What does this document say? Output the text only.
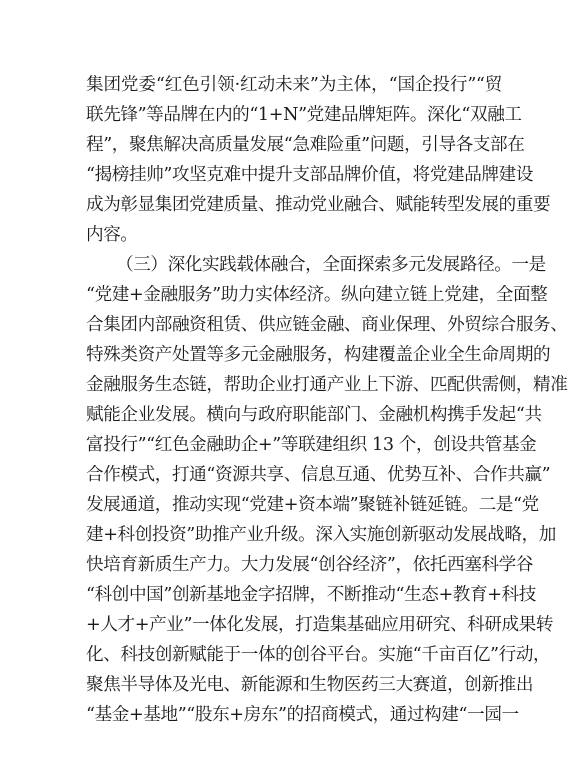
集团党委“红色引领·红动未来”为主体，“国企投行”“贸
联先锋”等品牌在内的“1+N”党建品牌矩阵。深化“双融工
程”，聚焦解决高质量发展“急难险重”问题，引导各支部在
“揭榜挂帅”攻坚克难中提升支部品牌价值，将党建品牌建设
成为彰显集团党建质量、推动党业融合、赋能转型发展的重要
内容。
（三）深化实践载体融合，全面探索多元发展路径。一是
“党建+金融服务”助力实体经济。纵向建立链上党建，全面整
合集团内部融资租赁、供应链金融、商业保理、外贸综合服务、
特殊类资产处置等多元金融服务，构建覆盖企业全生命周期的
金融服务生态链，帮助企业打通产业上下游、匹配供需侧，精准
赋能企业发展。横向与政府职能部门、金融机构携手发起“共
富投行”“红色金融助企+”等联建组织 13 个，创设共管基金
合作模式，打通“资源共享、信息互通、优势互补、合作共赢”
发展通道，推动实现“党建+资本端”聚链补链延链。二是“党
建+科创投资”助推产业升级。深入实施创新驱动发展战略，加
快培育新质生产力。大力发展“创谷经济”，依托西塞科学谷
“科创中国”创新基地金字招牌，不断推动“生态+教育+科技
+人才+产业”一体化发展，打造集基础应用研究、科研成果转
化、科技创新赋能于一体的创谷平台。实施“千亩百亿”行动，
聚焦半导体及光电、新能源和生物医药三大赛道，创新推出
“基金+基地”“股东+房东”的招商模式，通过构建“一园一
